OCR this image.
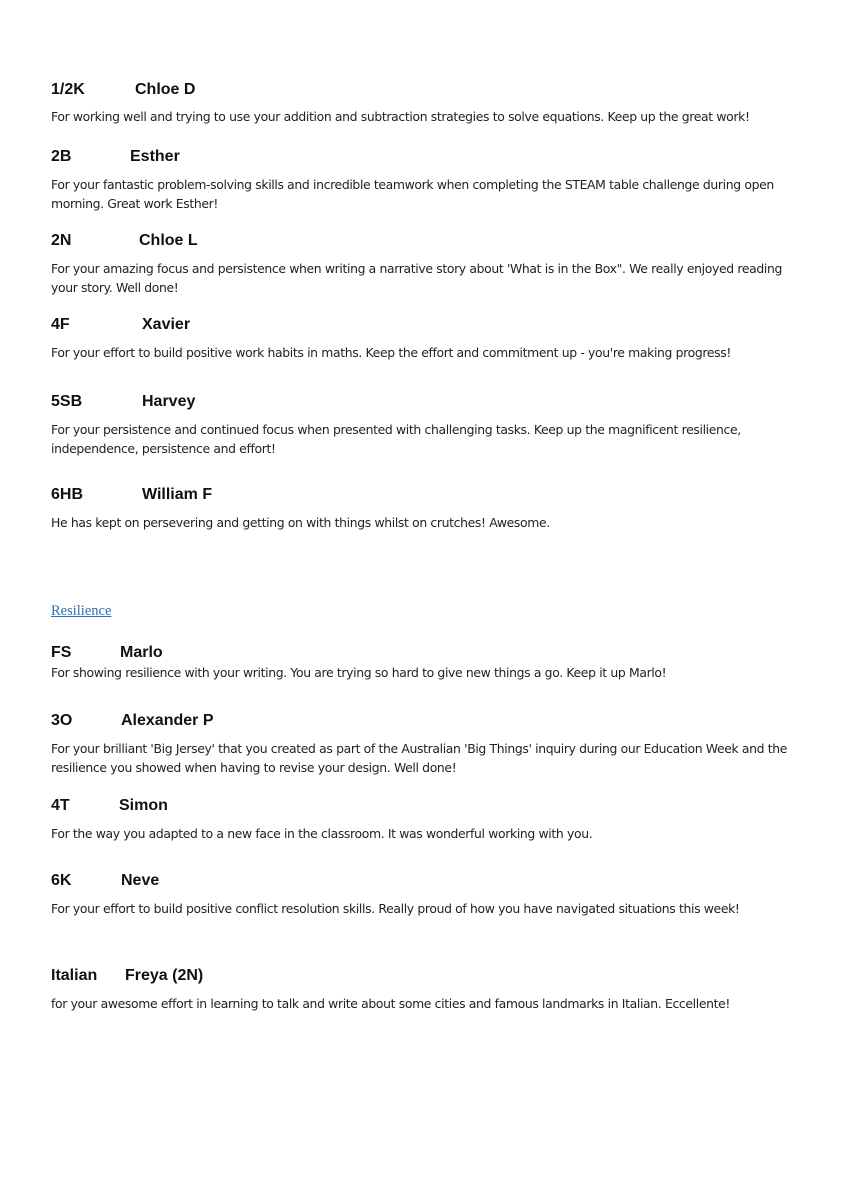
1/2K	Chloe D
For working well and trying to use your addition and subtraction strategies to solve equations. Keep up the great work!
2B	Esther
For your fantastic problem-solving skills and incredible teamwork when completing the STEAM table challenge during open morning. Great work Esther!
2N	Chloe L
For your amazing focus and persistence when writing a narrative story about 'What is in the Box". We really enjoyed reading your story. Well done!
4F	Xavier
For your effort to build positive work habits in maths. Keep the effort and commitment up - you're making progress!
5SB	Harvey
For your persistence and continued focus when presented with challenging tasks. Keep up the magnificent resilience, independence, persistence and effort!
6HB	William F
He has kept on persevering and getting on with things whilst on crutches! Awesome.
Resilience
FS	Marlo
For showing resilience with your writing. You are trying so hard to give new things a go. Keep it up Marlo!
3O	Alexander P
For your brilliant 'Big Jersey' that you created as part of the Australian 'Big Things' inquiry during our Education Week and the resilience you showed when having to revise your design. Well done!
4T	Simon
For the way you adapted to a new face in the classroom. It was wonderful working with you.
6K	Neve
For your effort to build positive conflict resolution skills. Really proud of how you have navigated situations this week!
Italian Freya (2N)
for your awesome effort in learning to talk and write about some cities and famous landmarks in Italian. Eccellente!
